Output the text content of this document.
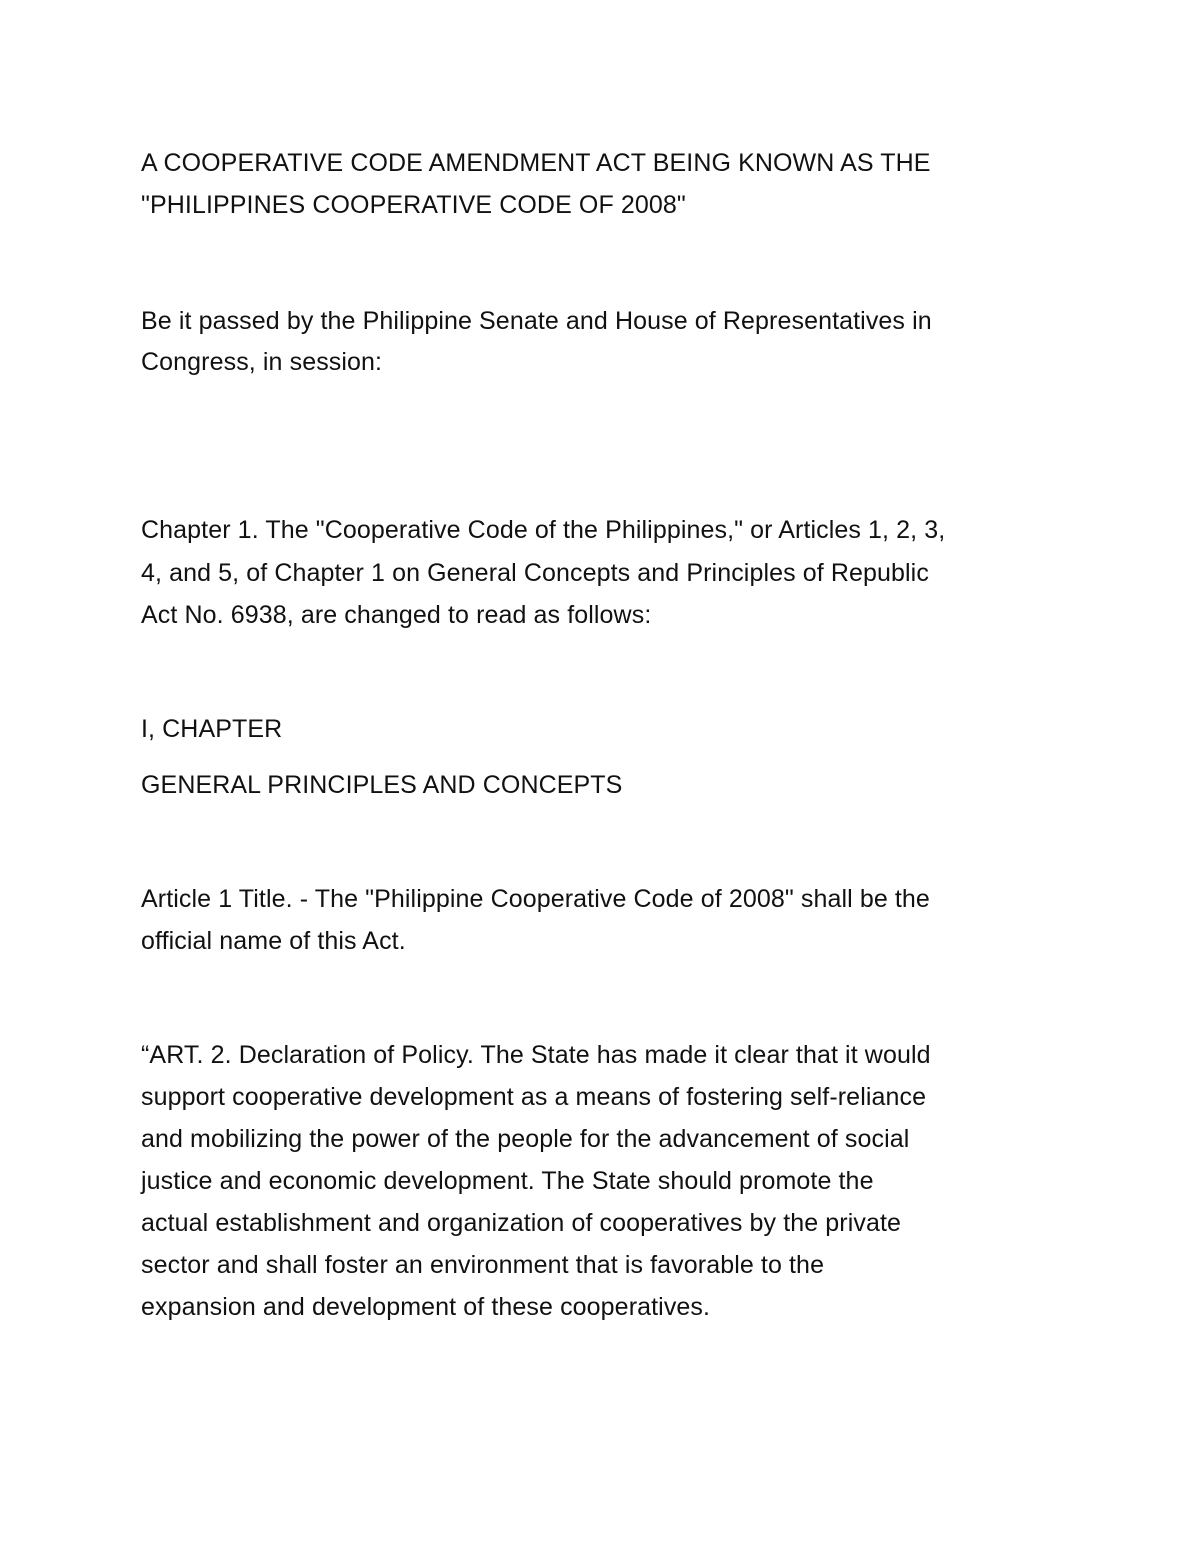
A COOPERATIVE CODE AMENDMENT ACT BEING KNOWN AS THE
"PHILIPPINES COOPERATIVE CODE OF 2008"
Be it passed by the Philippine Senate and House of Representatives in
Congress, in session:
Chapter 1. The "Cooperative Code of the Philippines," or Articles 1, 2, 3,
4, and 5, of Chapter 1 on General Concepts and Principles of Republic
Act No. 6938, are changed to read as follows:
I, CHAPTER
GENERAL PRINCIPLES AND CONCEPTS
Article 1 Title. - The "Philippine Cooperative Code of 2008" shall be the
official name of this Act.
“ART. 2. Declaration of Policy. The State has made it clear that it would
support cooperative development as a means of fostering self-reliance
and mobilizing the power of the people for the advancement of social
justice and economic development. The State should promote the
actual establishment and organization of cooperatives by the private
sector and shall foster an environment that is favorable to the
expansion and development of these cooperatives.
